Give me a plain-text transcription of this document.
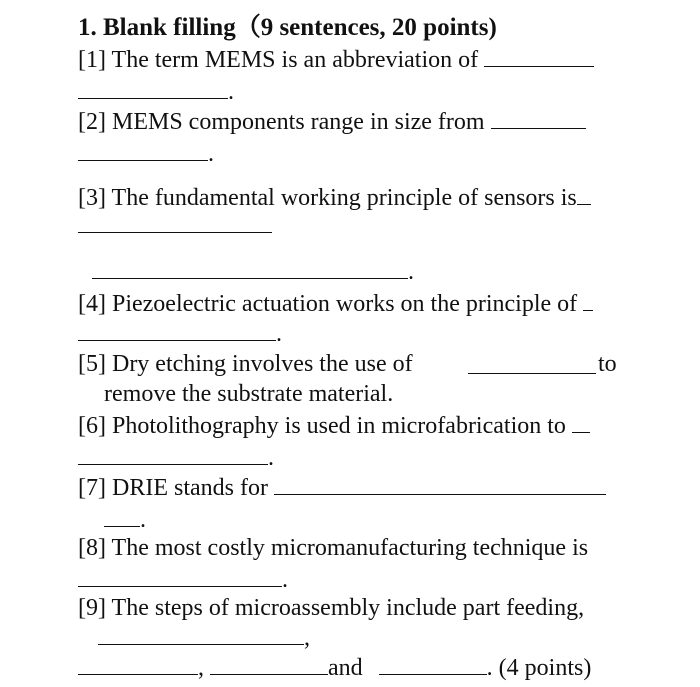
1. Blank filling（9 sentences, 20 points)
[1] The term MEMS is an abbreviation of
.
[2] MEMS components range in size from
.
[3] The fundamental working principle of sensors is
.
[4] Piezoelectric actuation works on the principle of
.
[5] Dry etching involves the use of	to
remove the substrate material.
[6] Photolithography is used in microfabrication to
.
[7] DRIE stands for
.
[8] The most costly micromanufacturing technique is
.
[9] The steps of microassembly include part feeding,
,
,	and	. (4 points)
